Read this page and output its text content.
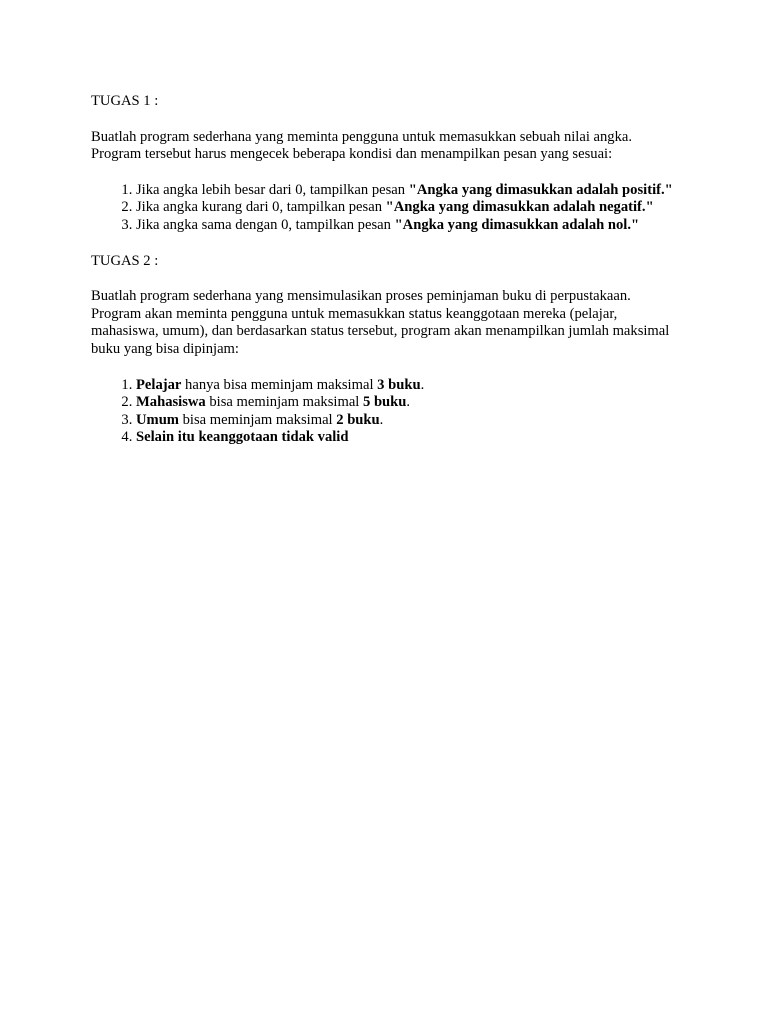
TUGAS 1 :
Buatlah program sederhana yang meminta pengguna untuk memasukkan sebuah nilai angka. Program tersebut harus mengecek beberapa kondisi dan menampilkan pesan yang sesuai:
1. Jika angka lebih besar dari 0, tampilkan pesan "Angka yang dimasukkan adalah positif."
2. Jika angka kurang dari 0, tampilkan pesan "Angka yang dimasukkan adalah negatif."
3. Jika angka sama dengan 0, tampilkan pesan "Angka yang dimasukkan adalah nol."
TUGAS 2 :
Buatlah program sederhana yang mensimulasikan proses peminjaman buku di perpustakaan. Program akan meminta pengguna untuk memasukkan status keanggotaan mereka (pelajar, mahasiswa, umum), dan berdasarkan status tersebut, program akan menampilkan jumlah maksimal buku yang bisa dipinjam:
1. Pelajar hanya bisa meminjam maksimal 3 buku.
2. Mahasiswa bisa meminjam maksimal 5 buku.
3. Umum bisa meminjam maksimal 2 buku.
4. Selain itu keanggotaan tidak valid
